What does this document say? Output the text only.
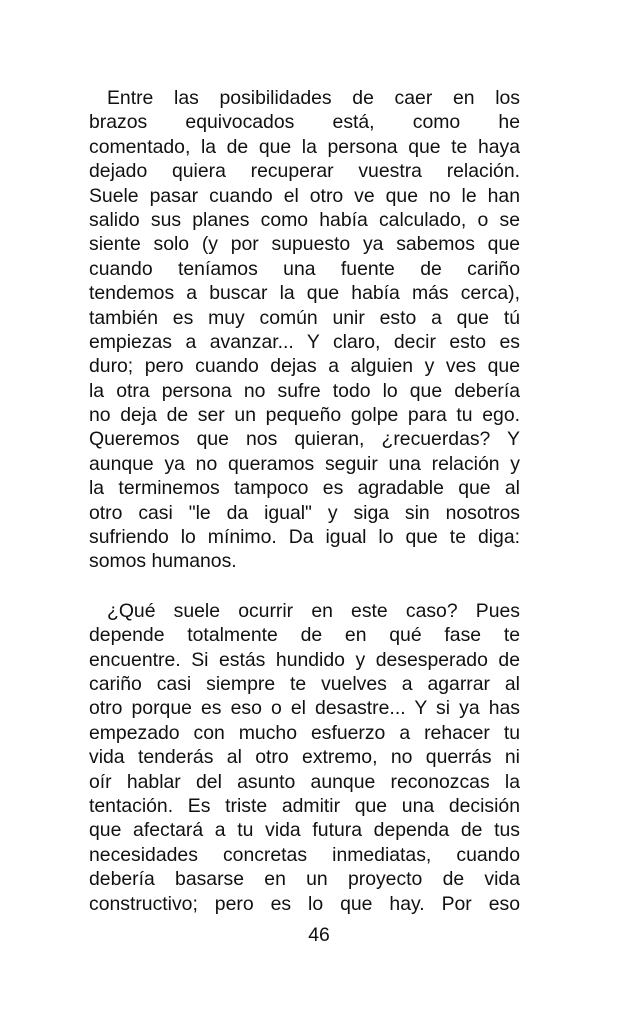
Entre las posibilidades de caer en los
brazos equivocados está, como he
comentado, la de que la persona que te haya
dejado quiera recuperar vuestra relación.
Suele pasar cuando el otro ve que no le han
salido sus planes como había calculado, o se
siente solo (y por supuesto ya sabemos que
cuando teníamos una fuente de cariño
tendemos a buscar la que había más cerca),
también es muy común unir esto a que tú
empiezas a avanzar... Y claro, decir esto es
duro; pero cuando dejas a alguien y ves que
la otra persona no sufre todo lo que debería
no deja de ser un pequeño golpe para tu ego.
Queremos que nos quieran, ¿recuerdas? Y
aunque ya no queramos seguir una relación y
la terminemos tampoco es agradable que al
otro casi "le da igual" y siga sin nosotros
sufriendo lo mínimo. Da igual lo que te diga:
somos humanos.
¿Qué suele ocurrir en este caso? Pues
depende totalmente de en qué fase te
encuentre. Si estás hundido y desesperado de
cariño casi siempre te vuelves a agarrar al
otro porque es eso o el desastre... Y si ya has
empezado con mucho esfuerzo a rehacer tu
vida tenderás al otro extremo, no querrás ni
oír hablar del asunto aunque reconozcas la
tentación. Es triste admitir que una decisión
que afectará a tu vida futura dependa de tus
necesidades concretas inmediatas, cuando
debería basarse en un proyecto de vida
constructivo; pero es lo que hay. Por eso
46
